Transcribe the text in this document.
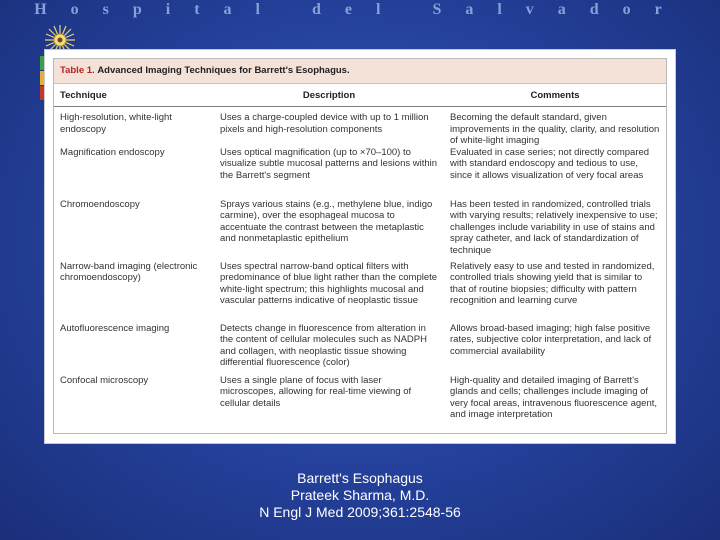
Hospital del Salvador
Table 1. Advanced Imaging Techniques for Barrett's Esophagus.
Technique	Description	Comments
High-resolution, white-light endoscopy	Uses a charge-coupled device with up to 1 million pixels and high-resolution components	Becoming the default standard, given improvements in the quality, clarity, and resolution of white-light imaging
Magnification endoscopy	Uses optical magnification (up to ×70–100) to visualize subtle mucosal patterns and lesions within the Barrett's segment	Evaluated in case series; not directly compared with standard endoscopy and tedious to use, since it allows visualization of very focal areas
Chromoendoscopy	Sprays various stains (e.g., methylene blue, indigo carmine), over the esophageal mucosa to accentuate the contrast between the metaplastic and nonmetaplastic epithelium	Has been tested in randomized, controlled trials with varying results; relatively inexpensive to use; challenges include variability in use of stains and spray catheter, and lack of standardization of technique
Narrow-band imaging (electronic chromoendoscopy)	Uses spectral narrow-band optical filters with predominance of blue light rather than the complete white-light spectrum; this highlights mucosal and vascular patterns indicative of neoplastic tissue	Relatively easy to use and tested in randomized, controlled trials showing yield that is similar to that of routine biopsies; difficulty with pattern recognition and learning curve
Autofluorescence imaging	Detects change in fluorescence from alteration in the content of cellular molecules such as NADPH and collagen, with neoplastic tissue showing differential fluorescence (color)	Allows broad-based imaging; high false positive rates, subjective color interpretation, and lack of commercial availability
Confocal microscopy	Uses a single plane of focus with laser microscopes, allowing for real-time viewing of cellular details	High-quality and detailed imaging of Barrett's glands and cells; challenges include imaging of very focal areas, intravenous fluorescence agent, and image interpretation
Barrett's Esophagus
Prateek Sharma, M.D.
N Engl J Med 2009;361:2548-56
